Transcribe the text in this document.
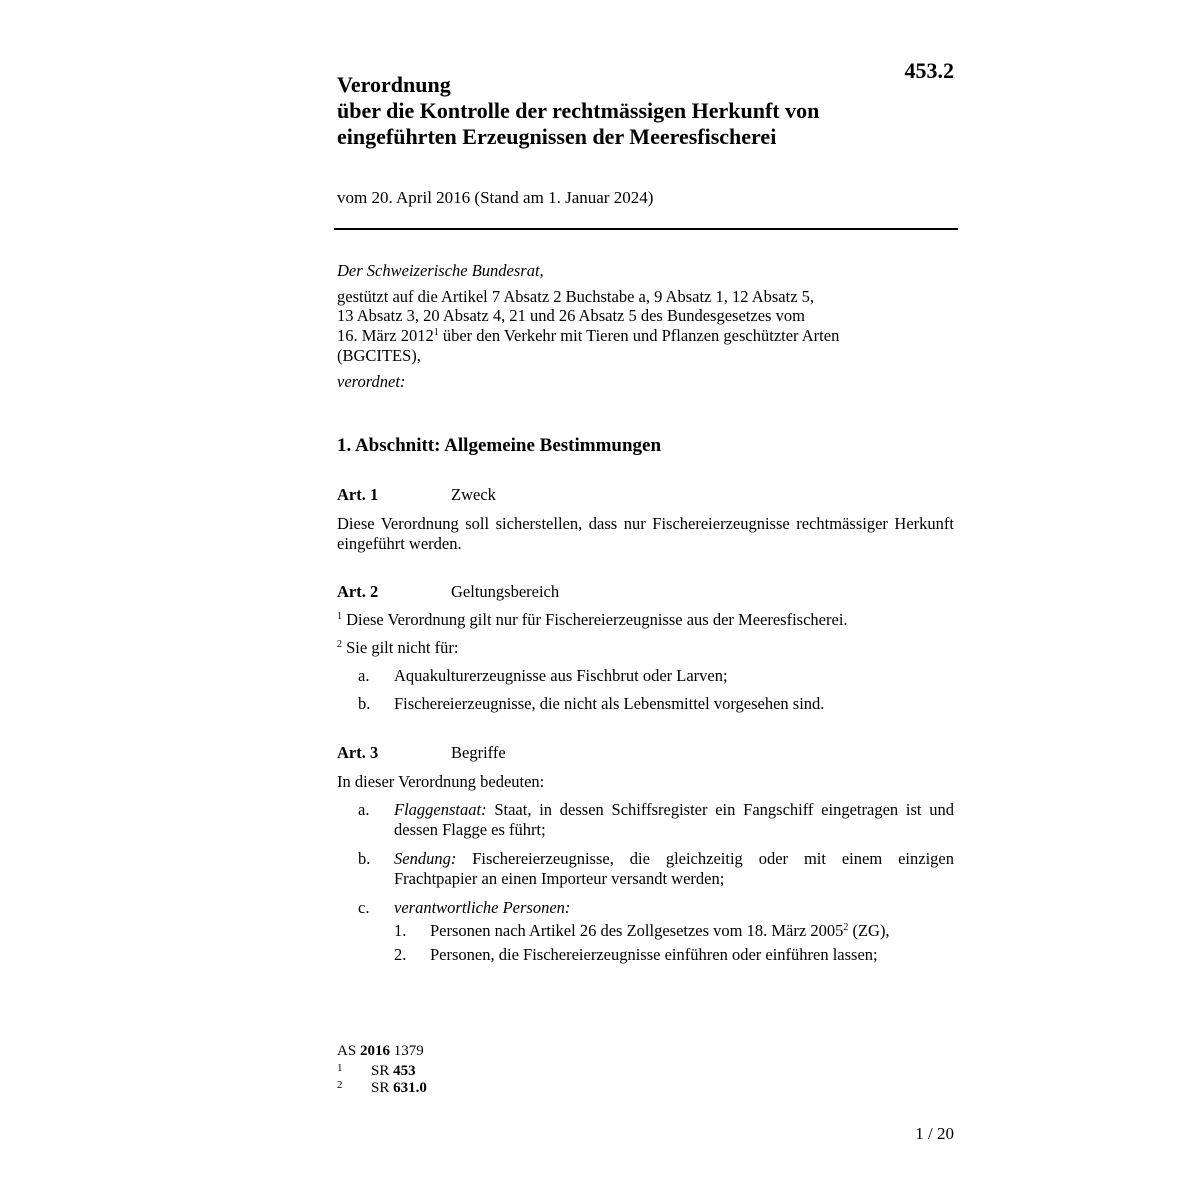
453.2
Verordnung
über die Kontrolle der rechtmässigen Herkunft von
eingeführten Erzeugnissen der Meeresfischerei
vom 20. April 2016 (Stand am 1. Januar 2024)
Der Schweizerische Bundesrat,
gestützt auf die Artikel 7 Absatz 2 Buchstabe a, 9 Absatz 1, 12 Absatz 5,
13 Absatz 3, 20 Absatz 4, 21 und 26 Absatz 5 des Bundesgesetzes vom
16. März 2012$^1$ über den Verkehr mit Tieren und Pflanzen geschützter Arten
(BGCITES),
verordnet:
1. Abschnitt: Allgemeine Bestimmungen
Art. 1	Zweck
Diese Verordnung soll sicherstellen, dass nur Fischereierzeugnisse rechtmässiger Herkunft eingeführt werden.
Art. 2	Geltungsbereich
$^1$ Diese Verordnung gilt nur für Fischereierzeugnisse aus der Meeresfischerei.
$^2$ Sie gilt nicht für:
a. Aquakulturerzeugnisse aus Fischbrut oder Larven;
b. Fischereierzeugnisse, die nicht als Lebensmittel vorgesehen sind.
Art. 3	Begriffe
In dieser Verordnung bedeuten:
a. Flaggenstaat: Staat, in dessen Schiffsregister ein Fangschiff eingetragen ist und dessen Flagge es führt;
b. Sendung: Fischereierzeugnisse, die gleichzeitig oder mit einem einzigen Frachtpapier an einen Importeur versandt werden;
c. verantwortliche Personen:
1. Personen nach Artikel 26 des Zollgesetzes vom 18. März 2005$^2$ (ZG),
2. Personen, die Fischereierzeugnisse einführen oder einführen lassen;
AS 2016 1379
1 SR 453
2 SR 631.0
1 / 20
